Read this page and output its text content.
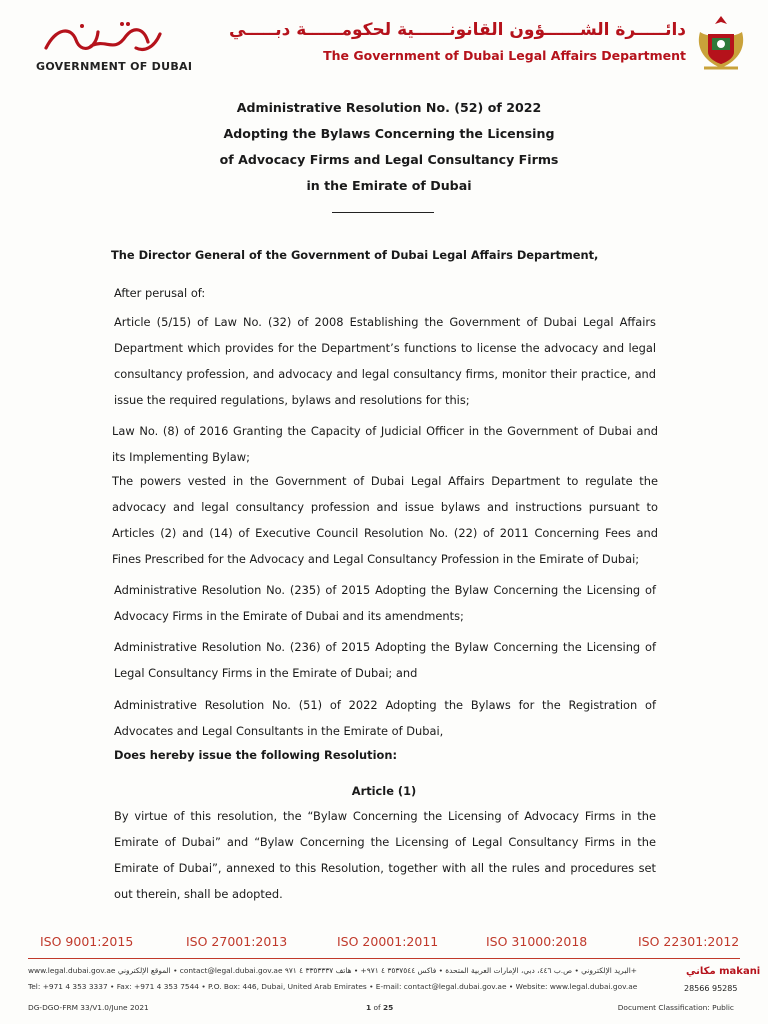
GOVERNMENT OF DUBAI
دائـــــرة الشــــــؤون القانونــــــية لحكومــــــة دبـــــي
The Government of Dubai Legal Affairs Department
Administrative Resolution No. (52) of 2022
Adopting the Bylaws Concerning the Licensing
of Advocacy Firms and Legal Consultancy Firms
in the Emirate of Dubai
The Director General of the Government of Dubai Legal Affairs Department,
After perusal of:
Article (5/15) of Law No. (32) of 2008 Establishing the Government of Dubai Legal Affairs Department which provides for the Department’s functions to license the advocacy and legal consultancy profession, and advocacy and legal consultancy firms, monitor their practice, and issue the required regulations, bylaws and resolutions for this;
Law No. (8) of 2016 Granting the Capacity of Judicial Officer in the Government of Dubai and its Implementing Bylaw;
The powers vested in the Government of Dubai Legal Affairs Department to regulate the advocacy and legal consultancy profession and issue bylaws and instructions pursuant to Articles (2) and (14) of Executive Council Resolution No. (22) of 2011 Concerning Fees and Fines Prescribed for the Advocacy and Legal Consultancy Profession in the Emirate of Dubai;
Administrative Resolution No. (235) of 2015 Adopting the Bylaw Concerning the Licensing of Advocacy Firms in the Emirate of Dubai and its amendments;
Administrative Resolution No. (236) of 2015 Adopting the Bylaw Concerning the Licensing of Legal Consultancy Firms in the Emirate of Dubai; and
Administrative Resolution No. (51) of 2022 Adopting the Bylaws for the Registration of Advocates and Legal Consultants in the Emirate of Dubai,
Does hereby issue the following Resolution:
Article (1)
By virtue of this resolution, the “Bylaw Concerning the Licensing of Advocacy Firms in the Emirate of Dubai” and “Bylaw Concerning the Licensing of Legal Consultancy Firms in the Emirate of Dubai”, annexed to this Resolution, together with all the rules and procedures set out therein, shall be adopted.
ISO 9001:2015	ISO 27001:2013	ISO 20001:2011	ISO 31000:2018	ISO 22301:2012
www.legal.dubai.gov.ae الموقع الإلكتروني • contact@legal.dubai.gov.ae البريد الإلكتروني • ص.ب ٤٤٦، دبي، الإمارات العربية المتحدة • فاكس ٣٥٣٧٥٤٤ ٤ ٩٧١+ • هاتف ٣٣٥٣٣٣٧ ٤ ٩٧١+
Tel: +971 4 353 3337 • Fax: +971 4 353 7544 • P.O. Box: 446, Dubai, United Arab Emirates • E-mail: contact@legal.dubai.gov.ae • Website: www.legal.dubai.gov.ae
مكاني makani
28566 95285
DG-DGO-FRM 33/V1.0/June 2021	1 of 25	Document Classification: Public
